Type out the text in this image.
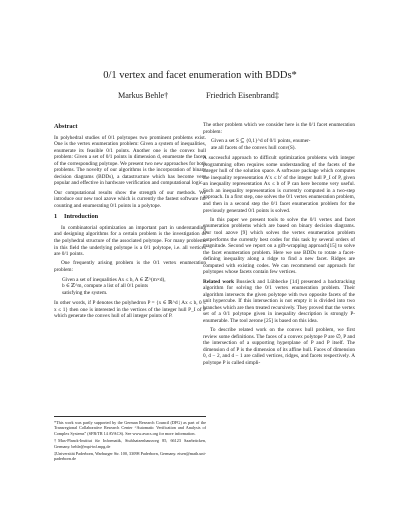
0/1 vertex and facet enumeration with BDDs*
Markus Behle†	Friedrich Eisenbrand‡
Abstract

In polyhedral studies of 0/1 polytopes two prominent problems exist. One is the vertex enumeration problem: Given a system of inequalities, enumerate its feasible 0/1 points. Another one is the convex hull problem: Given a set of 0/1 points in dimension d, enumerate the facets of the corresponding polytope. We present two new approaches for both problems. The novelty of our algorithms is the incorporation of binary decision diagrams (BDDs), a datastructure which has become very popular and effective in hardware verification and computational logic.

Our computational results show the strength of our methods. We introduce our new tool azove which is currently the fastest software for counting and enumerating 0/1 points in a polytope.

1 Introduction

In combinatorial optimization an important part in understanding and designing algorithms for a certain problem is the investigation of the polyhedral structure of the associated polytope. For many problems in this field the underlying polytope is a 0/1 polytope, i.e. all vertices are 0/1 points.

One frequently arising problem is the 0/1 vertex enumeration problem:

Given a set of inequalities Ax ≤ b, A ∈ ℤ^(m×d),
b ∈ ℤ^m, compute a list of all 0/1 points
satisfying the system.

In other words, if P denotes the polyhedron P = {x ∈ ℝ^d | Ax ≤ b, 0 ≤ x ≤ 1} then one is interested in the vertices of the integer hull P_I of P which generate the convex hull of all integer points of P.

The other problem which we consider here is the 0/1 facet enumeration problem:

Given a set S ⊆ {0,1}^d of 0/1 points, enumer-
ate all facets of the convex hull conv(S).

A successful approach to difficult optimization problems with integer programming often requires some understanding of the facets of the integer hull of the solution space. A software package which computes the inequality representation A′x ≤ b′ of the integer hull P_I of P, given an inequality representation Ax ≤ b of P can here become very useful. Such an inequality representation is currently computed in a two-step approach. In a first step, one solves the 0/1 vertex enumeration problem, and then in a second step the 0/1 facet enumeration problem for the previously generated 0/1 points is solved.

In this paper we present tools to solve the 0/1 vertex and facet enumeration problems which are based on binary decision diagrams. Our tool azove [9] which solves the vertex enumeration problem outperforms the currently best codes for this task by several orders of magnitude. Second we report on a gift-wrapping approach[15] to solve the facet enumeration problem. Here we use BDDs to rotate a facet-defining inequality along a ridge to find a new facet. Ridges are computed with existing codes. We can recommend our approach for polytopes whose facets contain few vertices.

Related work Bussieck and Lübbecke [14] presented a backtracking algorithm for solving the 0/1 vertex enumeration problem. Their algorithm intersects the given polytope with two opposite facets of the unit hypercube. If this intersection is not empty it is divided into two branches which are then treated recursively. They proved that the vertex set of a 0/1 polytope given in inequality description is strongly P-enumerable. The tool zerone [25] is based on this idea.

To describe related work on the convex hull problem, we first review some definitions. The faces of a convex polytope P are ∅, P and the intersection of a supporting hyperplane of P and P itself. The dimension d of P is the dimension of its affine hull. Faces of dimension 0, d − 2, and d − 1 are called vertices, ridges, and facets respectively. A polytope P is called simpli-

*This work was partly supported by the German Research Council (DFG) as part of the Transregional Collaborative Research Center “Automatic Verification and Analysis of Complex Systems” (SFB/TR 14 AVACS). See www.avacs.org for more information.

†Max-Planck-Institut für Informatik, Stuhlsatzenhausweg 85, 66123 Saarbrücken, Germany. behle@mpi-inf.mpg.de

‡Universität Paderborn, Warburger Str. 100, 33098 Paderborn, Germany. eisen@math.uni-paderborn.de
